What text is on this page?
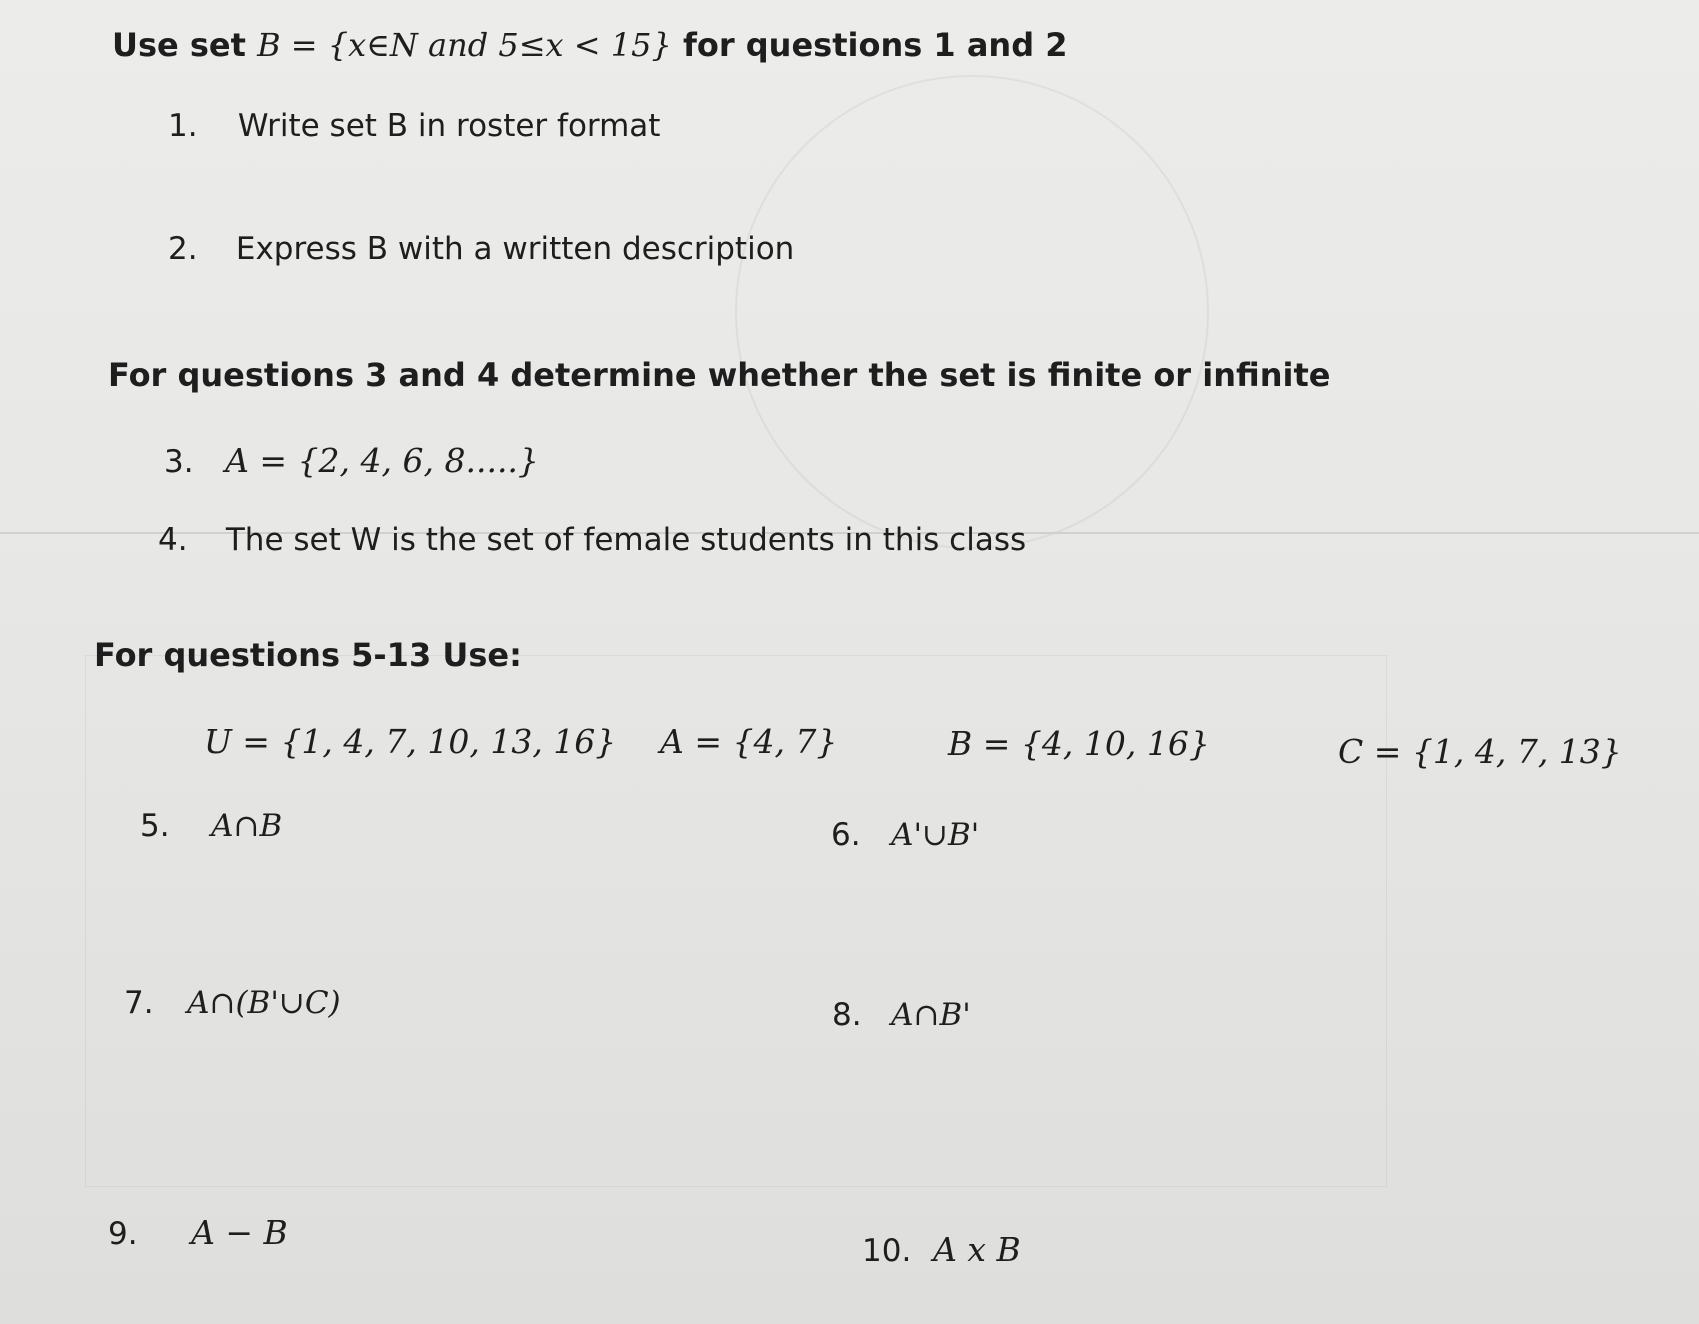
Use set B = {x∈N and 5≤x < 15} for questions 1 and 2
1. Write set B in roster format
2. Express B with a written description
For questions 3 and 4 determine whether the set is finite or infinite
3. A = {2, 4, 6, 8.....}
4. The set W is the set of female students in this class
For questions 5-13 Use:
U = {1, 4, 7, 10, 13, 16} A = {4, 7}	B = {4, 10, 16}	C = {1, 4, 7, 13}
5. A∩B	6. A'∪B'
7. A∩(B'∪C)	8. A∩B'
9. A − B	10. A x B
